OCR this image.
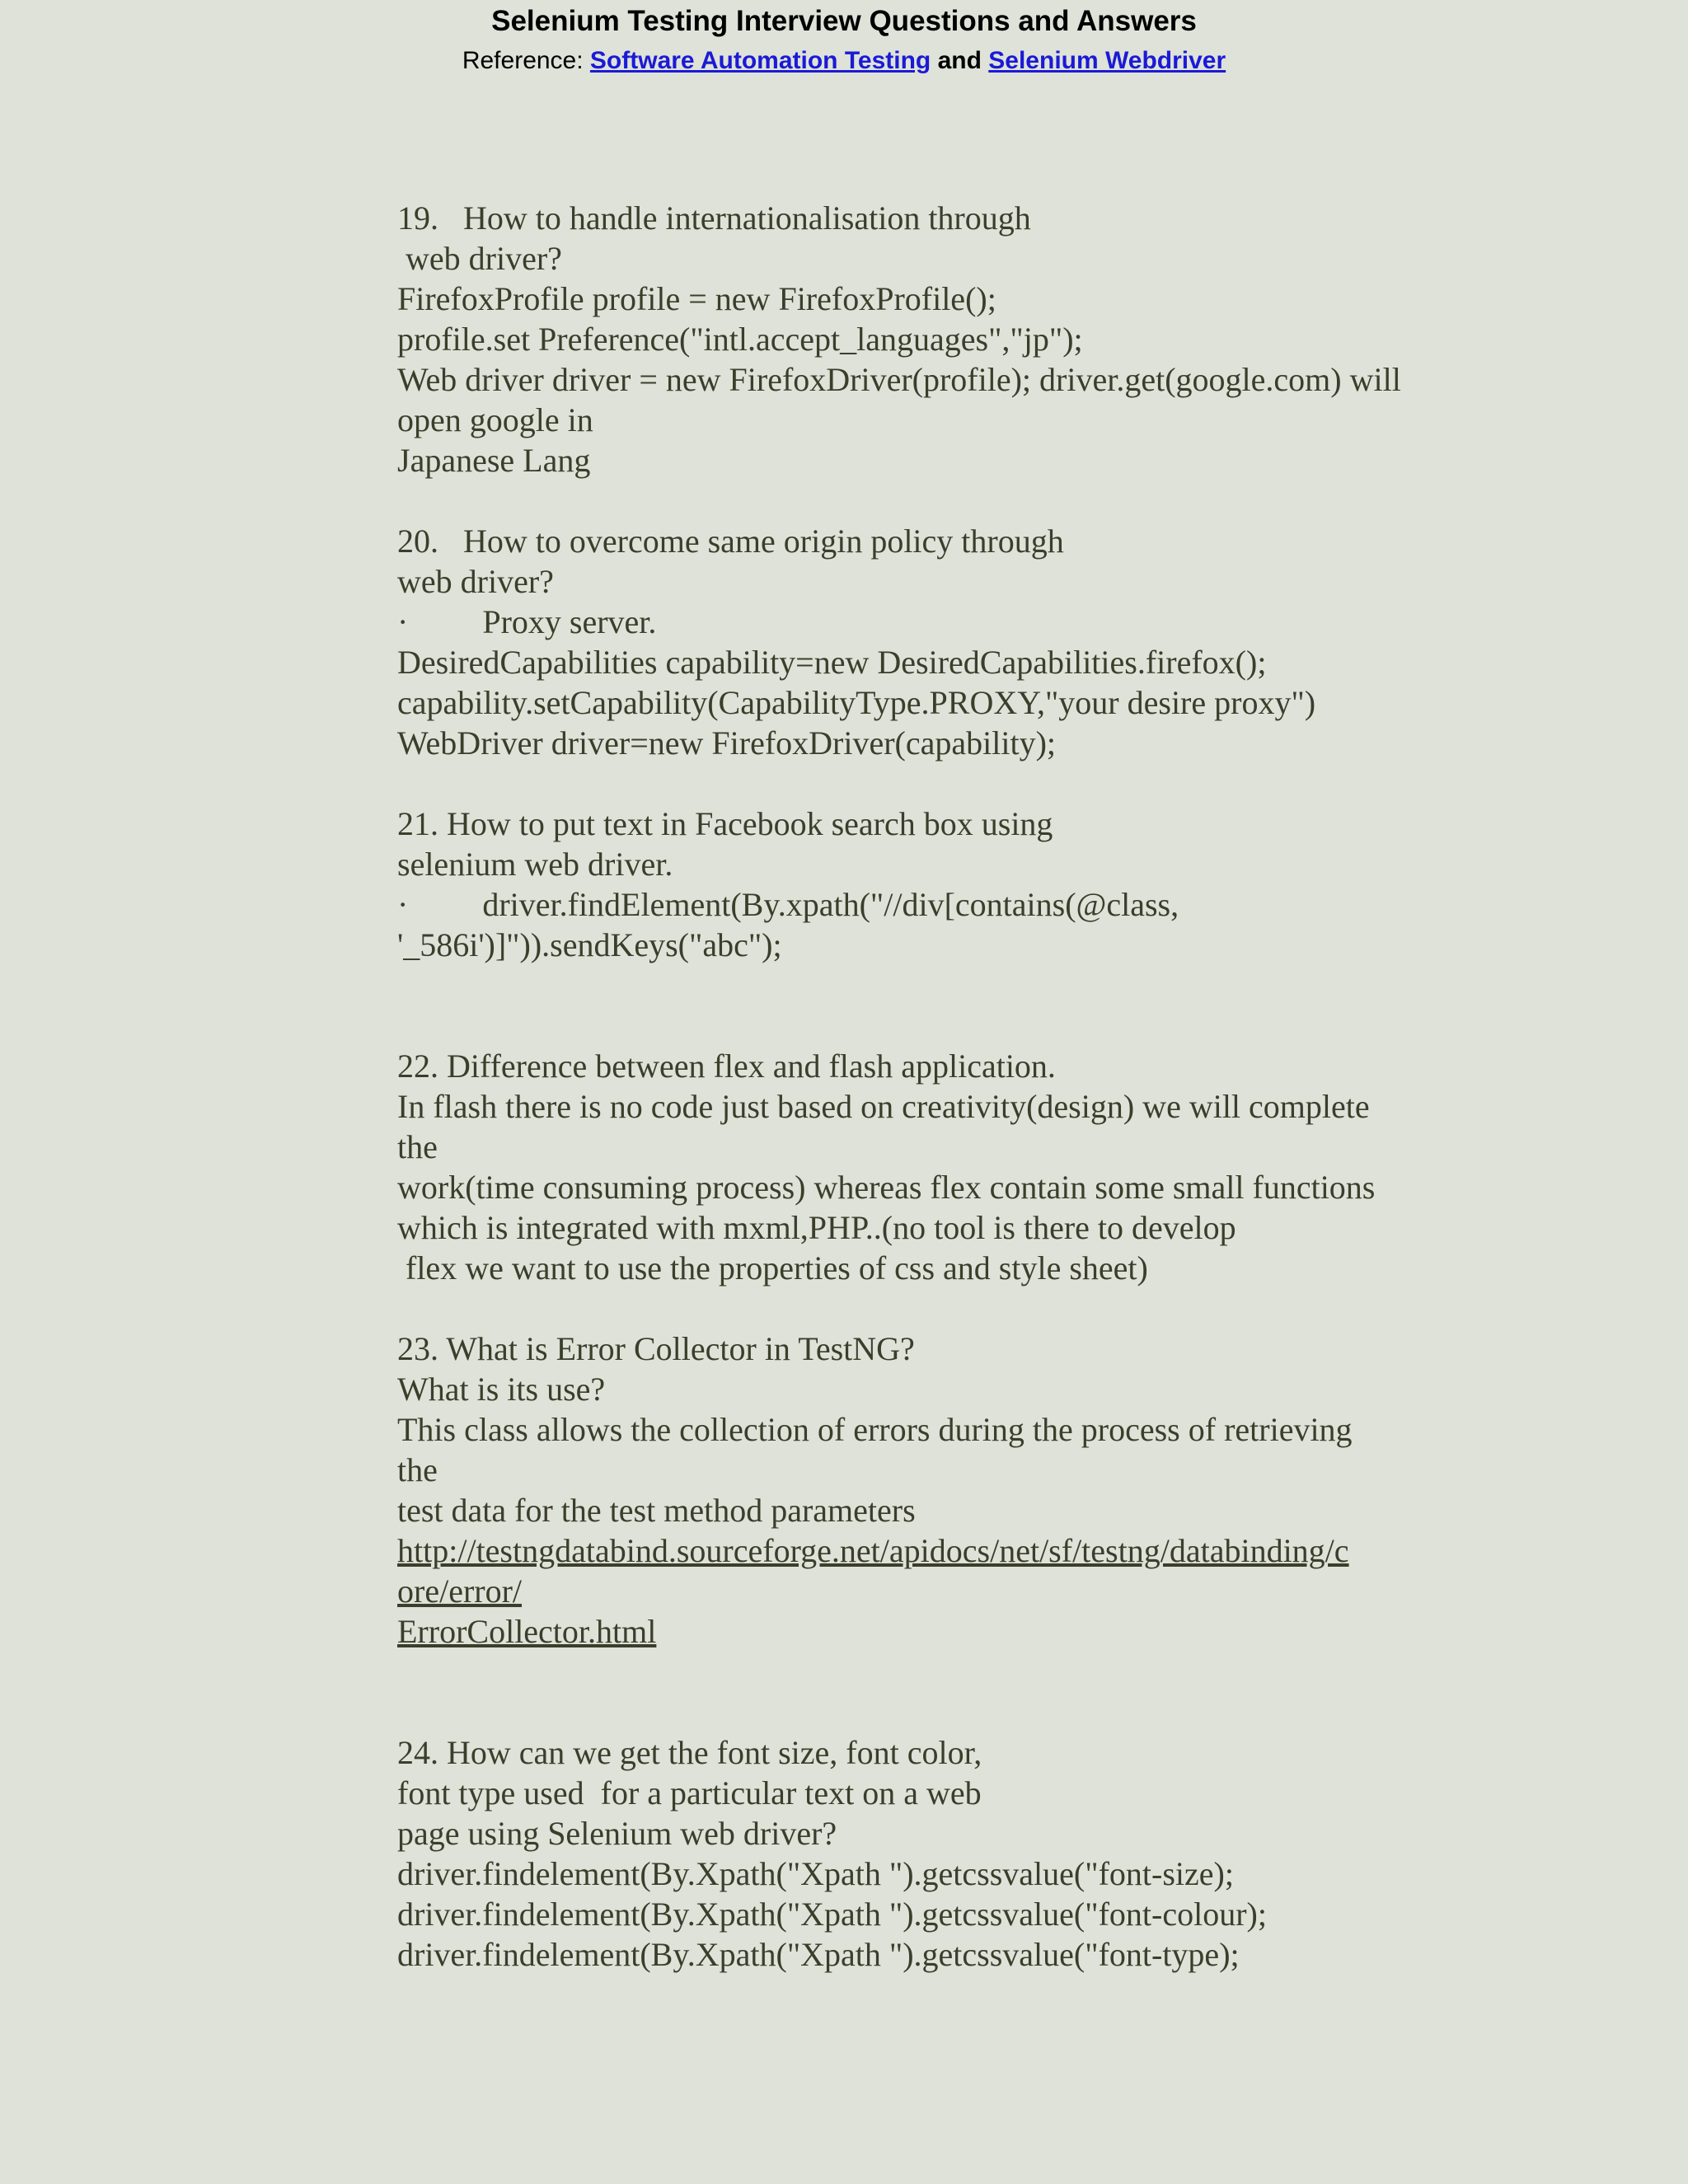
Selenium Testing Interview Questions and Answers
Reference: Software Automation Testing and Selenium Webdriver
19.   How to handle internationalisation through
web driver?
FirefoxProfile profile = new FirefoxProfile();
profile.set Preference("intl.accept_languages","jp");
Web driver driver = new FirefoxDriver(profile); driver.get(google.com) will
open google in
Japanese Lang
20.   How to overcome same origin policy through
web driver?
·         Proxy server.
DesiredCapabilities capability=new DesiredCapabilities.firefox();
capability.setCapability(CapabilityType.PROXY,"your desire proxy")
WebDriver driver=new FirefoxDriver(capability);
21. How to put text in Facebook search box using
selenium web driver.
·         driver.findElement(By.xpath("//div[contains(@class,
'_586i')]")).sendKeys("abc");
22. Difference between flex and flash application.
In flash there is no code just based on creativity(design) we will complete
the
work(time consuming process) whereas flex contain some small functions
which is integrated with mxml,PHP..(no tool is there to develop
flex we want to use the properties of css and style sheet)
23. What is Error Collector in TestNG?
What is its use?
This class allows the collection of errors during the process of retrieving
the
test data for the test method parameters
http://testngdatabind.sourceforge.net/apidocs/net/sf/testng/databinding/c
ore/error/
ErrorCollector.html
24. How can we get the font size, font color,
font type used  for a particular text on a web
page using Selenium web driver?
driver.findelement(By.Xpath("Xpath ").getcssvalue("font-size);
driver.findelement(By.Xpath("Xpath ").getcssvalue("font-colour);
driver.findelement(By.Xpath("Xpath ").getcssvalue("font-type);
